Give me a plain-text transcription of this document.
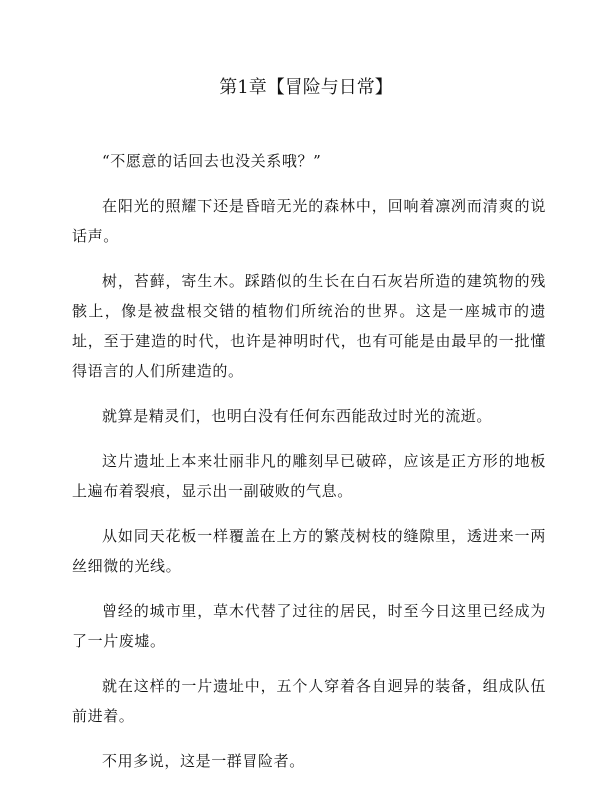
第1章【冒险与日常】

“不愿意的话回去也没关系哦？”

在阳光的照耀下还是昏暗无光的森林中，回响着凛冽而清爽的说话声。

树，苔藓，寄生木。踩踏似的生长在白石灰岩所造的建筑物的残骸上，像是被盘根交错的植物们所统治的世界。这是一座城市的遗址，至于建造的时代，也许是神明时代，也有可能是由最早的一批懂得语言的人们所建造的。

就算是精灵们，也明白没有任何东西能敌过时光的流逝。

这片遗址上本来壮丽非凡的雕刻早已破碎，应该是正方形的地板上遍布着裂痕，显示出一副破败的气息。

从如同天花板一样覆盖在上方的繁茂树枝的缝隙里，透进来一两丝细微的光线。

曾经的城市里，草木代替了过往的居民，时至今日这里已经成为了一片废墟。

就在这样的一片遗址中，五个人穿着各自迥异的装备，组成队伍前进着。

不用多说，这是一群冒险者。
